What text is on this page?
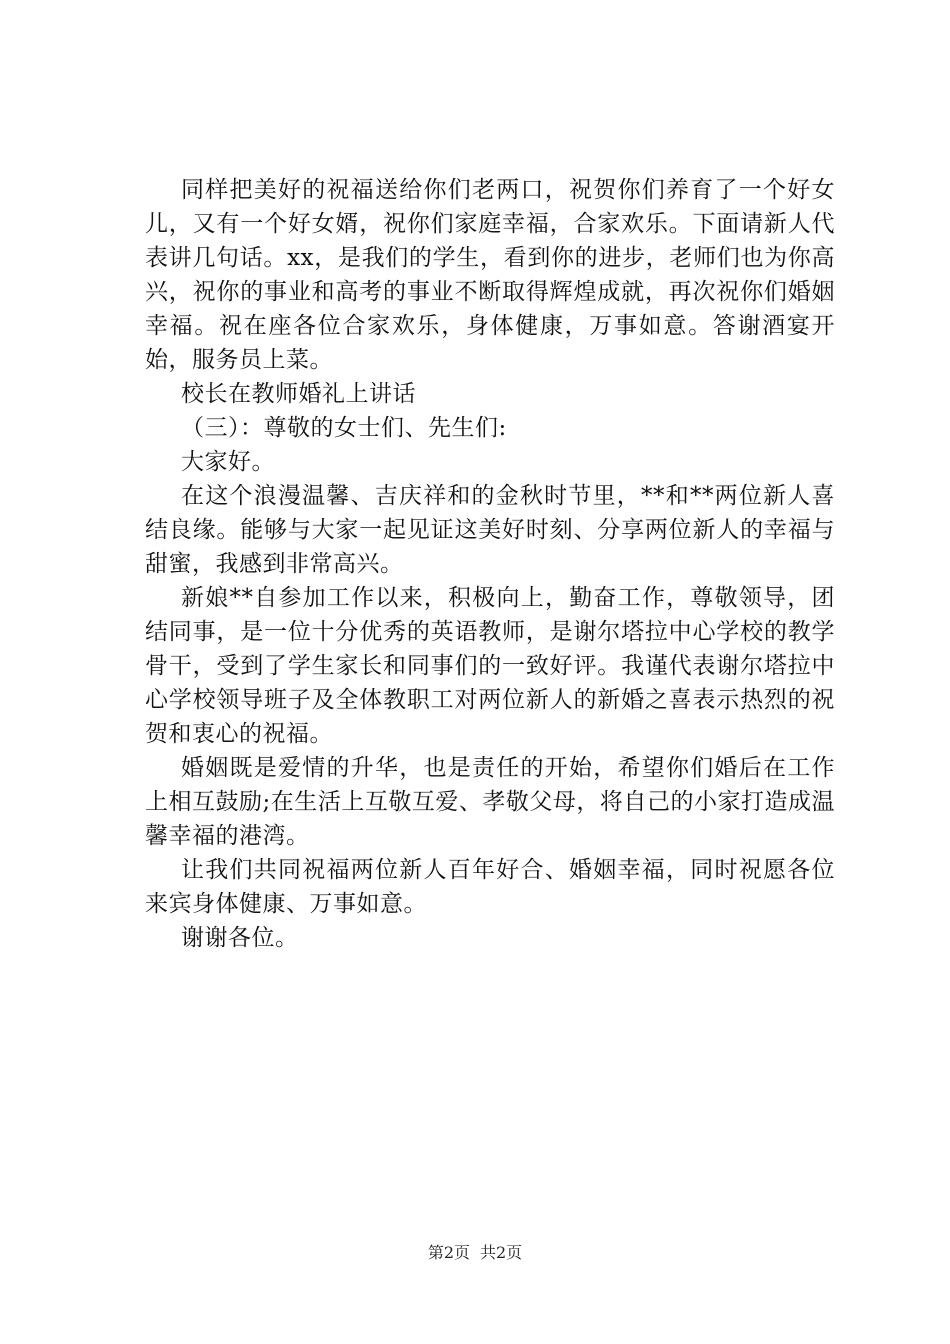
同样把美好的祝福送给你们老两口，祝贺你们养育了一个好女儿，又有一个好女婿，祝你们家庭幸福，合家欢乐。下面请新人代表讲几句话。xx，是我们的学生，看到你的进步，老师们也为你高兴，祝你的事业和高考的事业不断取得辉煌成就，再次祝你们婚姻幸福。祝在座各位合家欢乐，身体健康，万事如意。答谢酒宴开始，服务员上菜。

校长在教师婚礼上讲话

（三）：尊敬的女士们、先生们:

大家好。

在这个浪漫温馨、吉庆祥和的金秋时节里，**和**两位新人喜结良缘。能够与大家一起见证这美好时刻、分享两位新人的幸福与甜蜜，我感到非常高兴。

新娘**自参加工作以来，积极向上，勤奋工作，尊敬领导，团结同事，是一位十分优秀的英语教师，是谢尔塔拉中心学校的教学骨干，受到了学生家长和同事们的一致好评。我谨代表谢尔塔拉中心学校领导班子及全体教职工对两位新人的新婚之喜表示热烈的祝贺和衷心的祝福。

婚姻既是爱情的升华，也是责任的开始，希望你们婚后在工作上相互鼓励;在生活上互敬互爱、孝敬父母，将自己的小家打造成温馨幸福的港湾。

让我们共同祝福两位新人百年好合、婚姻幸福，同时祝愿各位来宾身体健康、万事如意。

谢谢各位。

第2页 共2页
